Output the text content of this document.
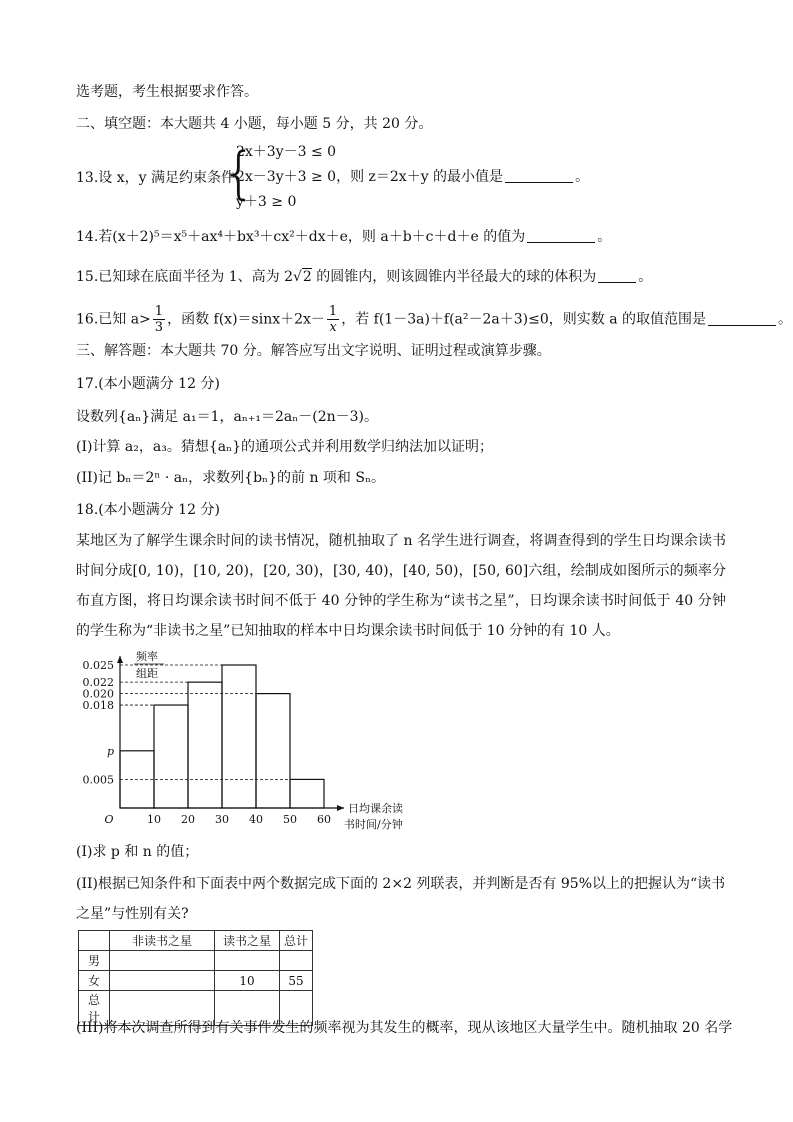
选考题，考生根据要求作答。
二、填空题：本大题共 4 小题，每小题 5 分，共 20 分。
13.设 x，y 满足约束条件
{
2x＋3y－3 ≤ 0
2x－3y＋3 ≥ 0，则 z＝2x＋y 的最小值是	。
y＋3 ≥ 0
14.若(x＋2)⁵＝x⁵＋ax⁴＋bx³＋cx²＋dx＋e，则 a＋b＋c＋d＋e 的值为	。
15.已知球在底面半径为 1、高为 2√2 的圆锥内，则该圆锥内半径最大的球的体积为	。
16.已知 $a> \frac{1}{3}$ ，函数 $f(x)=\sin x+2x- \frac{1}{x}$ ，若 f(1－3a)＋f(a²－2a＋3)≤0，则实数 a 的取值范围是	。
三、解答题：本大题共 70 分。解答应写出文字说明、证明过程或演算步骤。
17.(本小题满分 12 分)
设数列{aₙ}满足 a₁＝1，aₙ₊₁＝2aₙ－(2n－3)。
(I)计算 a₂，a₃。猜想{aₙ}的通项公式并利用数学归纳法加以证明；
(II)记 bₙ＝2ⁿ · aₙ，求数列{bₙ}的前 n 项和 Sₙ。
18.(本小题满分 12 分)
某地区为了解学生课余时间的读书情况，随机抽取了 n 名学生进行调查，将调查得到的学生日均课余读书时间分成[0, 10)，[10, 20)，[20, 30)，[30, 40)，[40, 50)，[50, 60]六组，绘制成如图所示的频率分布直方图，将日均课余读书时间不低于 40 分钟的学生称为“读书之星”，日均课余读书时间低于 40 分钟的学生称为“非读书之星”已知抽取的样本中日均课余读书时间低于 10 分钟的有 10 人。
0.025
0.022
0.020
0.018
p
0.005
10 20 30 40 50 60
O
频率
组距
日均课余读
书时间/分钟
(I)求 p 和 n 的值；
(II)根据已知条件和下面表中两个数据完成下面的 2×2 列联表，并判断是否有 95%以上的把握认为“读书
之星”与性别有关?
	非读书之星	读书之星	总计
男			
女		10	55
总计			
(III)将本次调查所得到有关事件发生的频率视为其发生的概率，现从该地区大量学生中。随机抽取 20 名学
